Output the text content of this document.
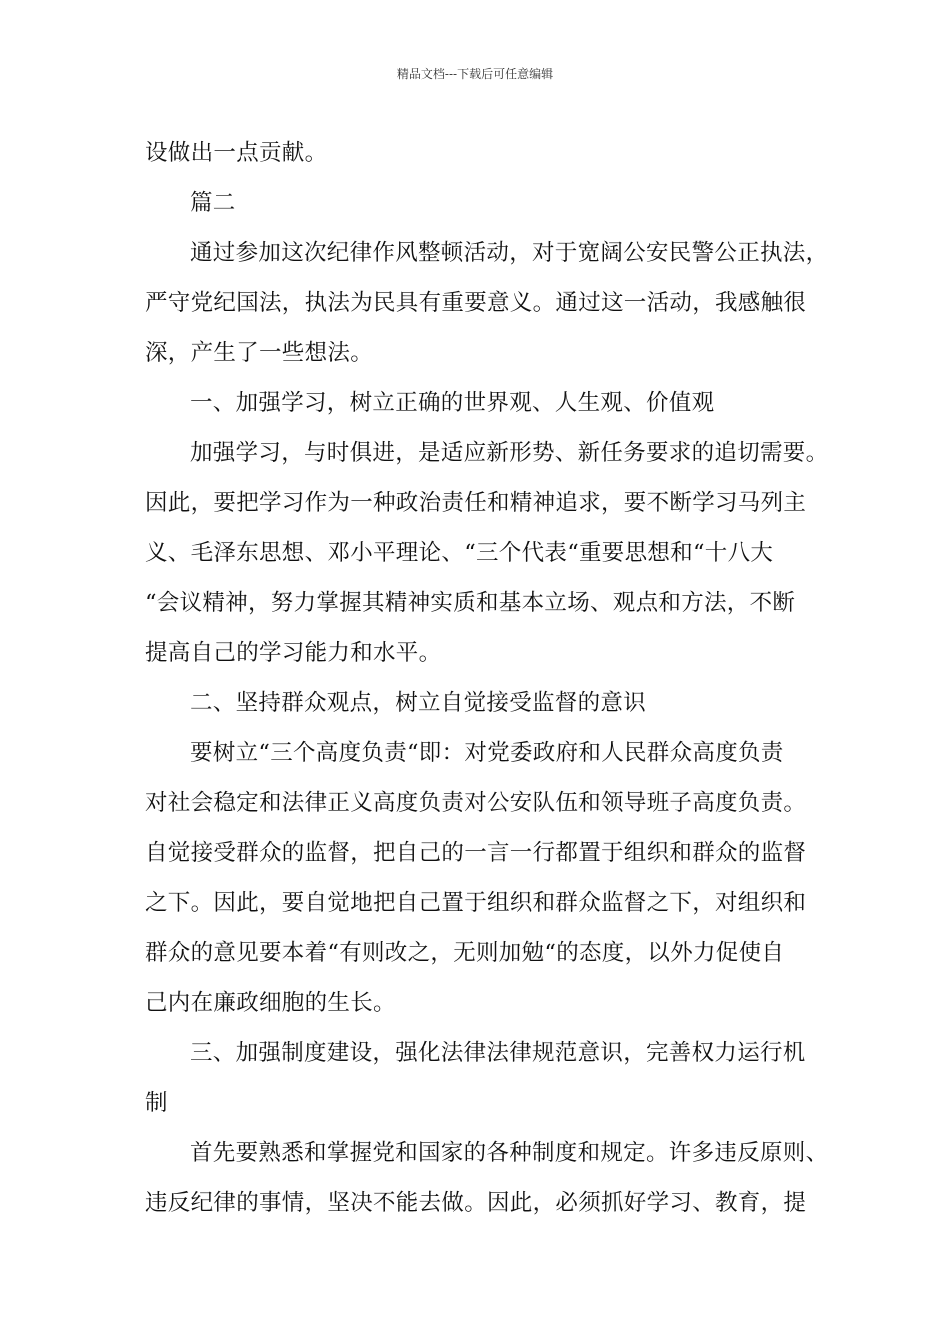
精品文档---下载后可任意编辑
设做出一点贡献。
篇二
通过参加这次纪律作风整顿活动，对于宽阔公安民警公正执法，
严守党纪国法，执法为民具有重要意义。通过这一活动，我感触很
深，产生了一些想法。
一、加强学习，树立正确的世界观、人生观、价值观
加强学习，与时俱进，是适应新形势、新任务要求的追切需要。
因此，要把学习作为一种政治责任和精神追求，要不断学习马列主
义、毛泽东思想、邓小平理论、“三个代表“重要思想和“十八大
“会议精神，努力掌握其精神实质和基本立场、观点和方法，不断
提高自己的学习能力和水平。
二、坚持群众观点，树立自觉接受监督的意识
要树立“三个高度负责“即：对党委政府和人民群众高度负责
对社会稳定和法律正义高度负责对公安队伍和领导班子高度负责。
自觉接受群众的监督，把自己的一言一行都置于组织和群众的监督
之下。因此，要自觉地把自己置于组织和群众监督之下，对组织和
群众的意见要本着“有则改之，无则加勉“的态度，以外力促使自
己内在廉政细胞的生长。
三、加强制度建设，强化法律法律规范意识，完善权力运行机
制
首先要熟悉和掌握党和国家的各种制度和规定。许多违反原则、
违反纪律的事情，坚决不能去做。因此，必须抓好学习、教育，提
